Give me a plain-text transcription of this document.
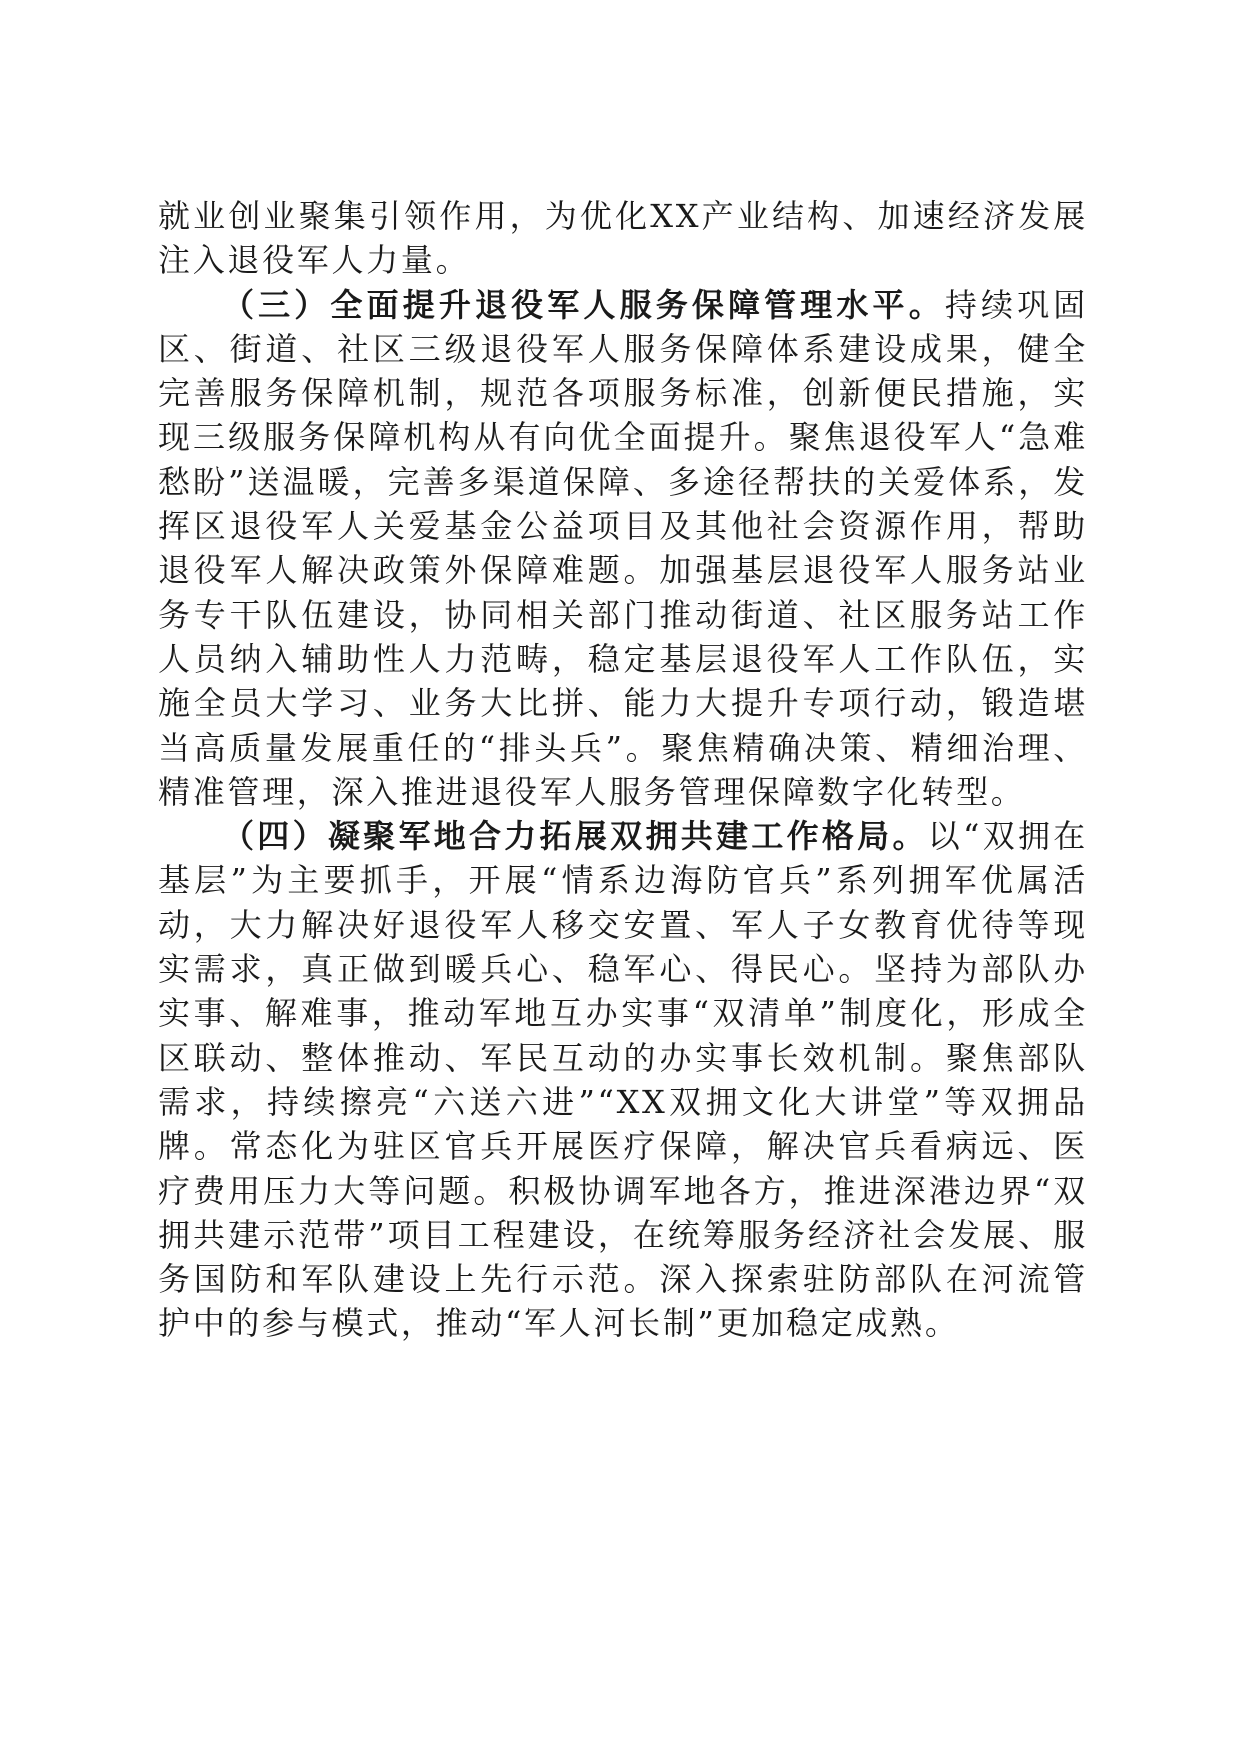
就业创业聚集引领作用，为优化XX产业结构、加速经济发展注入退役军人力量。

（三）全面提升退役军人服务保障管理水平。持续巩固区、街道、社区三级退役军人服务保障体系建设成果，健全完善服务保障机制，规范各项服务标准，创新便民措施，实现三级服务保障机构从有向优全面提升。聚焦退役军人“急难愁盼”送温暖，完善多渠道保障、多途径帮扶的关爱体系，发挥区退役军人关爱基金公益项目及其他社会资源作用，帮助退役军人解决政策外保障难题。加强基层退役军人服务站业务专干队伍建设，协同相关部门推动街道、社区服务站工作人员纳入辅助性人力范畴，稳定基层退役军人工作队伍，实施全员大学习、业务大比拼、能力大提升专项行动，锻造堪当高质量发展重任的“排头兵”。聚焦精确决策、精细治理、精准管理，深入推进退役军人服务管理保障数字化转型。

（四）凝聚军地合力拓展双拥共建工作格局。以“双拥在基层”为主要抓手，开展“情系边海防官兵”系列拥军优属活动，大力解决好退役军人移交安置、军人子女教育优待等现实需求，真正做到暖兵心、稳军心、得民心。坚持为部队办实事、解难事，推动军地互办实事“双清单”制度化，形成全区联动、整体推动、军民互动的办实事长效机制。聚焦部队需求，持续擦亮“六送六进”“XX双拥文化大讲堂”等双拥品牌。常态化为驻区官兵开展医疗保障，解决官兵看病远、医疗费用压力大等问题。积极协调军地各方，推进深港边界“双拥共建示范带”项目工程建设，在统筹服务经济社会发展、服务国防和军队建设上先行示范。深入探索驻防部队在河流管护中的参与模式，推动“军人河长制”更加稳定成熟。
